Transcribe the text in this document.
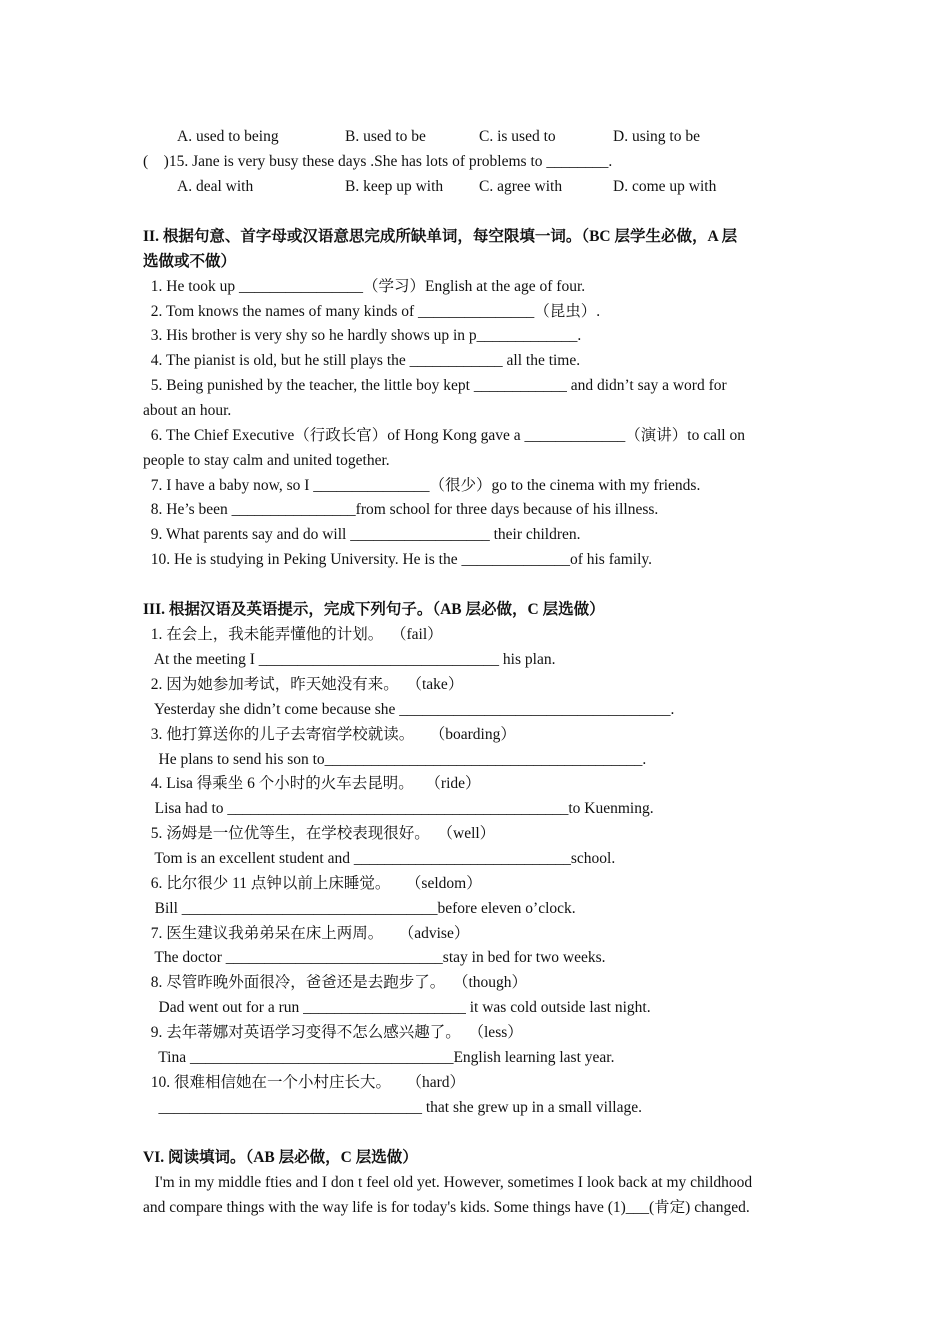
A. used to being	B. used to be	C. is used to	D. using to be
(    )15. Jane is very busy these days .She has lots of problems to ________.
A. deal with	B. keep up with C. agree with	D. come up with
II. 根据句意、首字母或汉语意思完成所缺单词，每空限填一词。（BC 层学生必做，A 层
选做或不做）
1. He took up ________________（学习）English at the age of four.
2. Tom knows the names of many kinds of _______________（昆虫）.
3. His brother is very shy so he hardly shows up in p_____________.
4. The pianist is old, but he still plays the ____________ all the time.
5. Being punished by the teacher, the little boy kept ____________ and didn’t say a word for
about an hour.
6. The Chief Executive（行政长官）of Hong Kong gave a _____________（演讲）to call on
people to stay calm and united together.
7. I have a baby now, so I _______________（很少）go to the cinema with my friends.
8. He’s been ________________from school for three days because of his illness.
9. What parents say and do will __________________ their children.
10. He is studying in Peking University. He is the ______________of his family.
III. 根据汉语及英语提示，完成下列句子。（AB 层必做，C 层选做）
1. 在会上，我未能弄懂他的计划。  （fail）
At the meeting I _______________________________ his plan.
2. 因为她参加考试，昨天她没有来。  （take）
Yesterday she didn’t come because she ___________________________________.
3. 他打算送你的儿子去寄宿学校就读。    （boarding）
He plans to send his son to_________________________________________.
4. Lisa 得乘坐 6 个小时的火车去昆明。   （ride）
Lisa had to ____________________________________________to Kuenming.
5. 汤姆是一位优等生，在学校表现很好。  （well）
Tom is an excellent student and ____________________________school.
6. 比尔很少 11 点钟以前上床睡觉。    （seldom）
Bill _________________________________before eleven o’clock.
7. 医生建议我弟弟呆在床上两周。    （advise）
The doctor ____________________________stay in bed for two weeks.
8. 尽管昨晚外面很冷，爸爸还是去跑步了。  （though）
Dad went out for a run _____________________ it was cold outside last night.
9. 去年蒂娜对英语学习变得不怎么感兴趣了。  （less）
Tina __________________________________English learning last year.
10. 很难相信她在一个小村庄长大。    （hard）
__________________________________ that she grew up in a small village.
VI. 阅读填词。（AB 层必做，C 层选做）
I'm in my middle fties and I don t feel old yet. However, sometimes I look back at my childhood
and compare things with the way life is for today's kids. Some things have (1)___(肯定) changed.
